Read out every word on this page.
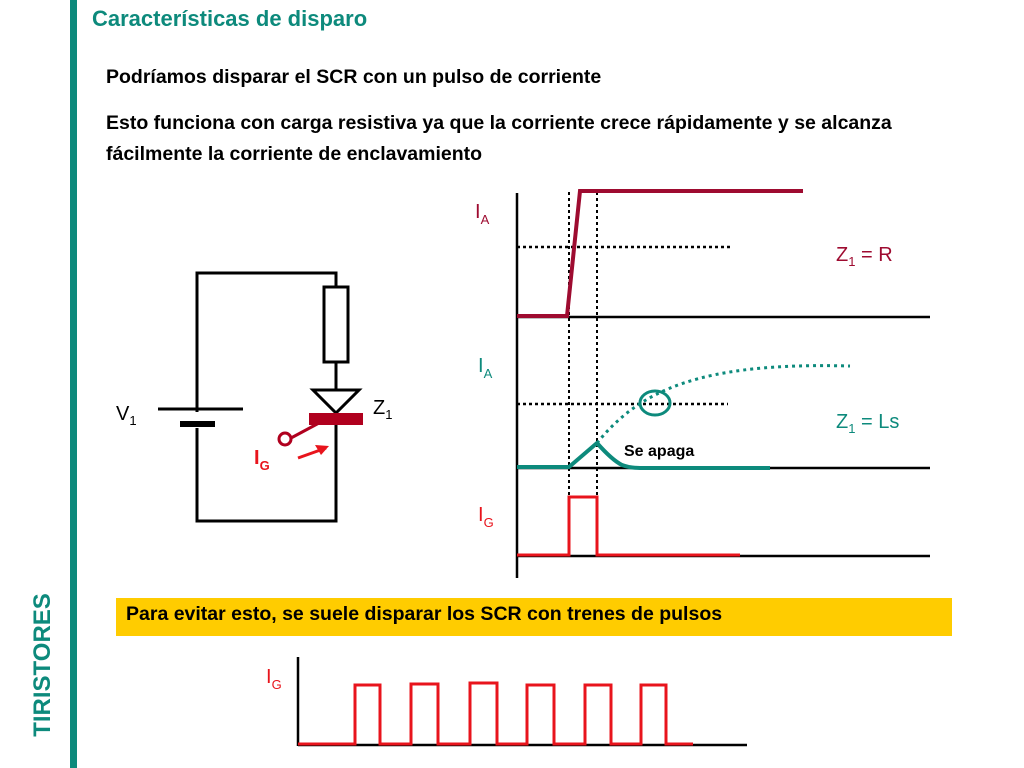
TIRISTORES
Características de disparo
Podríamos disparar el SCR con un pulso de corriente
Esto funciona con carga resistiva ya que la corriente crece rápidamente y se alcanza fácilmente la corriente de enclavamiento
$V_1$
$Z_1$
$I_G$
$I_A$
$Z_1 = R$
$I_A$
$Z_1 = Ls$
Se apaga
$I_G$
$I_G$
Para evitar esto, se suele disparar los SCR con trenes de pulsos
